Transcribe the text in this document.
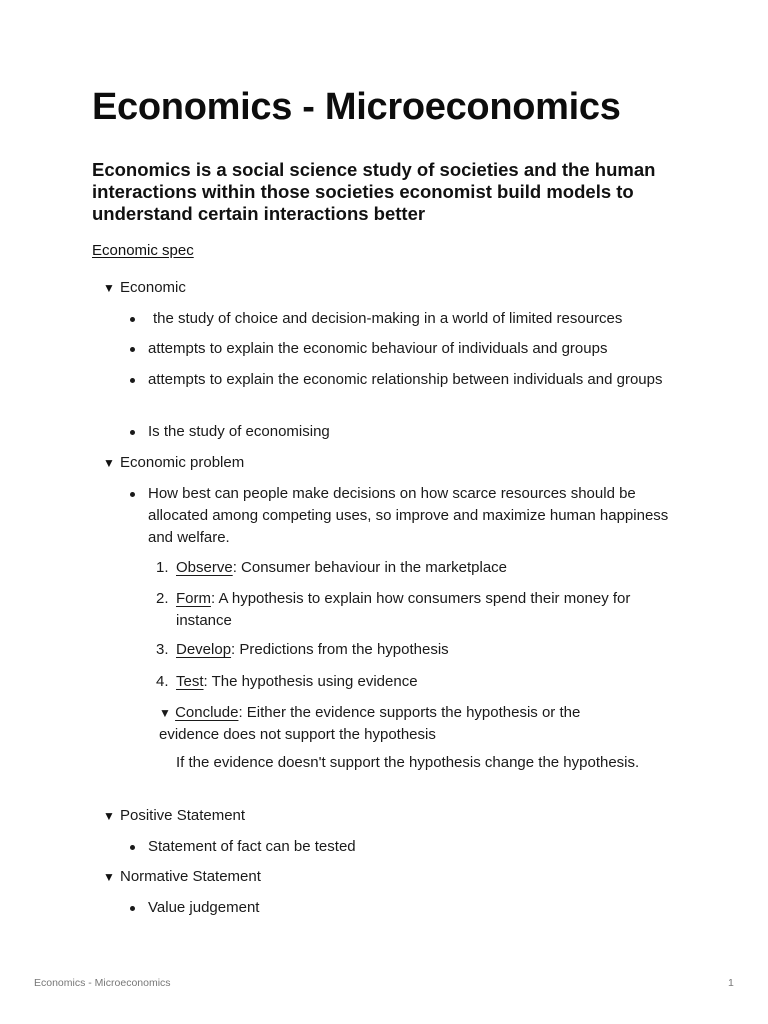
Economics - Microeconomics

Economics is a social science study of societies and the human interactions within those societies economist build models to understand certain interactions better

Economic spec

▼ Economic
the study of choice and decision-making in a world of limited resources
attempts to explain the economic behaviour of individuals and groups
attempts to explain the economic relationship between individuals and groups
Is the study of economising
▼ Economic problem
How best can people make decisions on how scarce resources should be allocated among competing uses, so improve and maximize human happiness and welfare.
1. Observe: Consumer behaviour in the marketplace
2. Form: A hypothesis to explain how consumers spend their money for instance
3. Develop: Predictions from the hypothesis
4. Test: The hypothesis using evidence
▼ Conclude: Either the evidence supports the hypothesis or the evidence does not support the hypothesis
If the evidence doesn't support the hypothesis change the hypothesis.
▼ Positive Statement
Statement of fact can be tested
▼ Normative Statement
Value judgement
Economics - Microeconomics	1
